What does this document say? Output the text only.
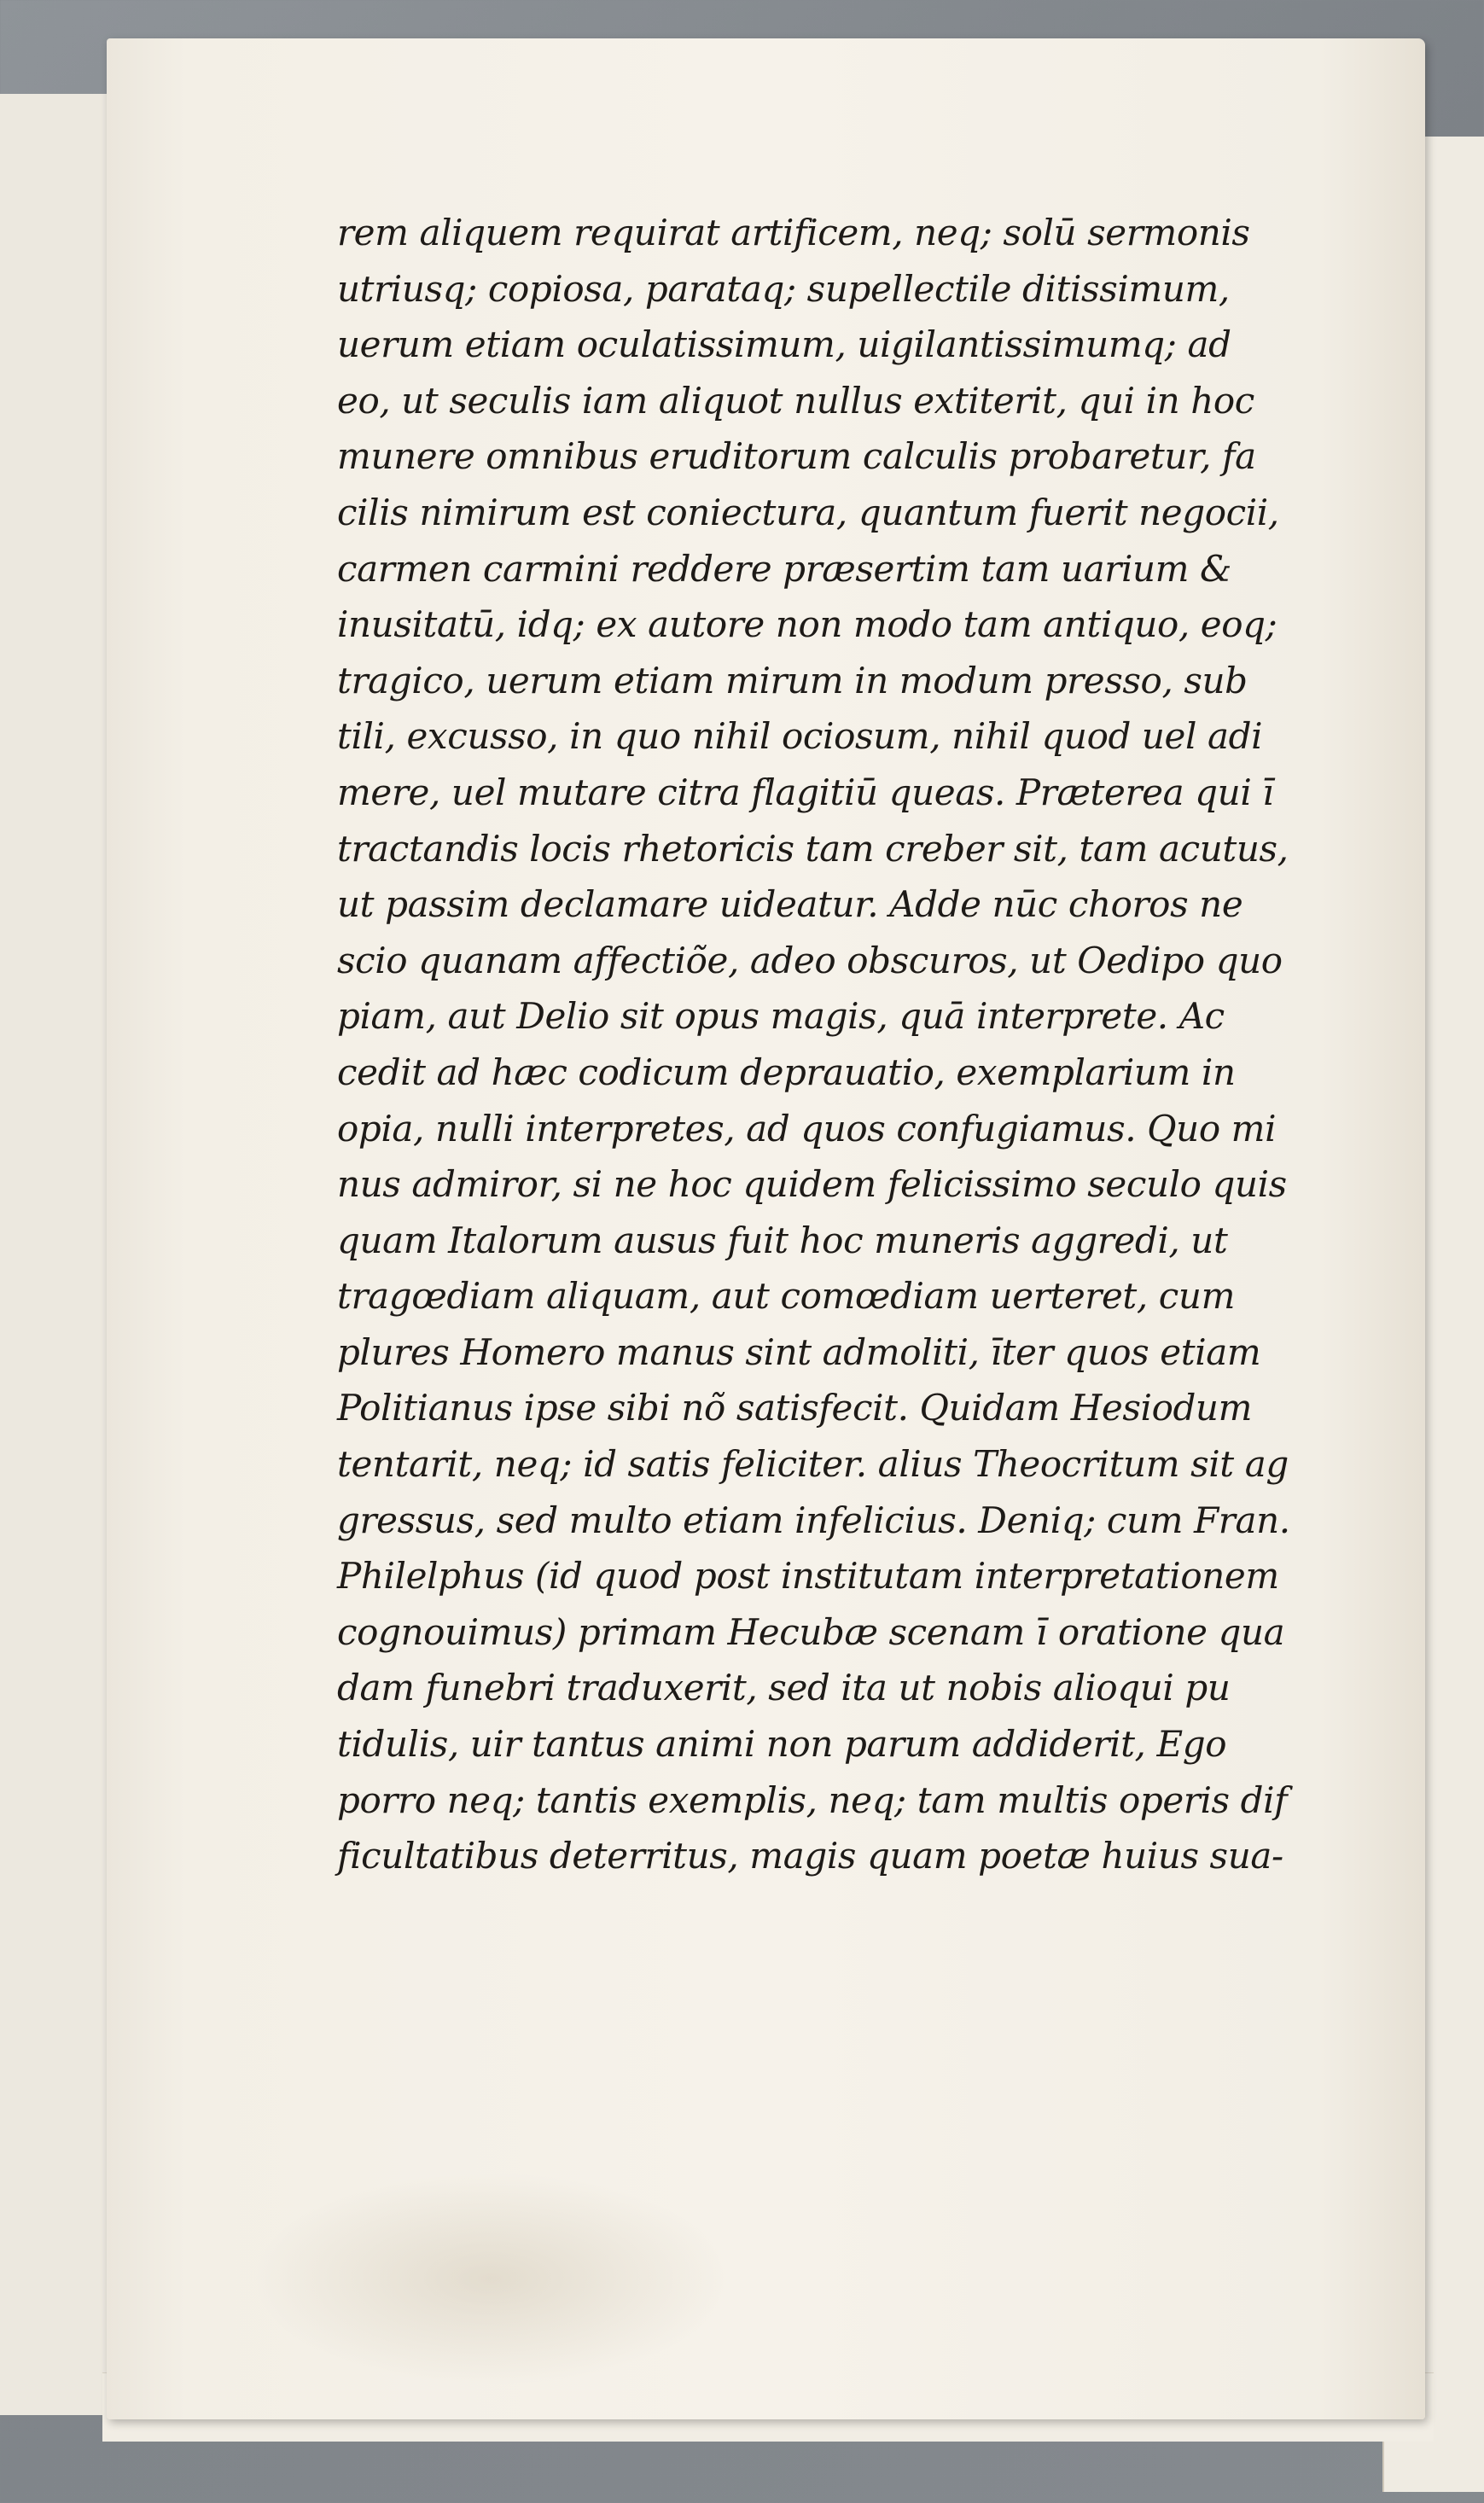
rem aliquem requirat artificem, neq; solū sermonis
utriusq; copiosa, parataq; supellectile ditissimum,
uerum etiam oculatissimum, uigilantissimumq; ad
eo, ut seculis iam aliquot nullus extiterit, qui in hoc
munere omnibus eruditorum calculis probaretur, fa
cilis nimirum est coniectura, quantum fuerit negocii,
carmen carmini reddere præsertim tam uarium &
inusitatū, idq; ex autore non modo tam antiquo, eoq;
tragico, uerum etiam mirum in modum presso, sub
tili, excusso, in quo nihil ociosum, nihil quod uel adi
mere, uel mutare citra flagitiū queas. Præterea qui ī
tractandis locis rhetoricis tam creber sit, tam acutus,
ut passim declamare uideatur. Adde nūc choros ne
scio quanam affectiõe, adeo obscuros, ut Oedipo quo
piam, aut Delio sit opus magis, quā interprete. Ac
cedit ad hæc codicum deprauatio, exemplarium in
opia, nulli interpretes, ad quos confugiamus. Quo mi
nus admiror, si ne hoc quidem felicissimo seculo quis
quam Italorum ausus fuit hoc muneris aggredi, ut
tragœdiam aliquam, aut comœdiam uerteret, cum
plures Homero manus sint admoliti, īter quos etiam
Politianus ipse sibi nõ satisfecit. Quidam Hesiodum
tentarit, neq; id satis feliciter. alius Theocritum sit ag
gressus, sed multo etiam infelicius. Deniq; cum Fran.
Philelphus (id quod post institutam interpretationem
cognouimus) primam Hecubæ scenam ī oratione qua
dam funebri traduxerit, sed ita ut nobis alioqui pu
tidulis, uir tantus animi non parum addiderit, Ego
porro neq; tantis exemplis, neq; tam multis operis dif
ficultatibus deterritus, magis quam poetæ huius sua-
